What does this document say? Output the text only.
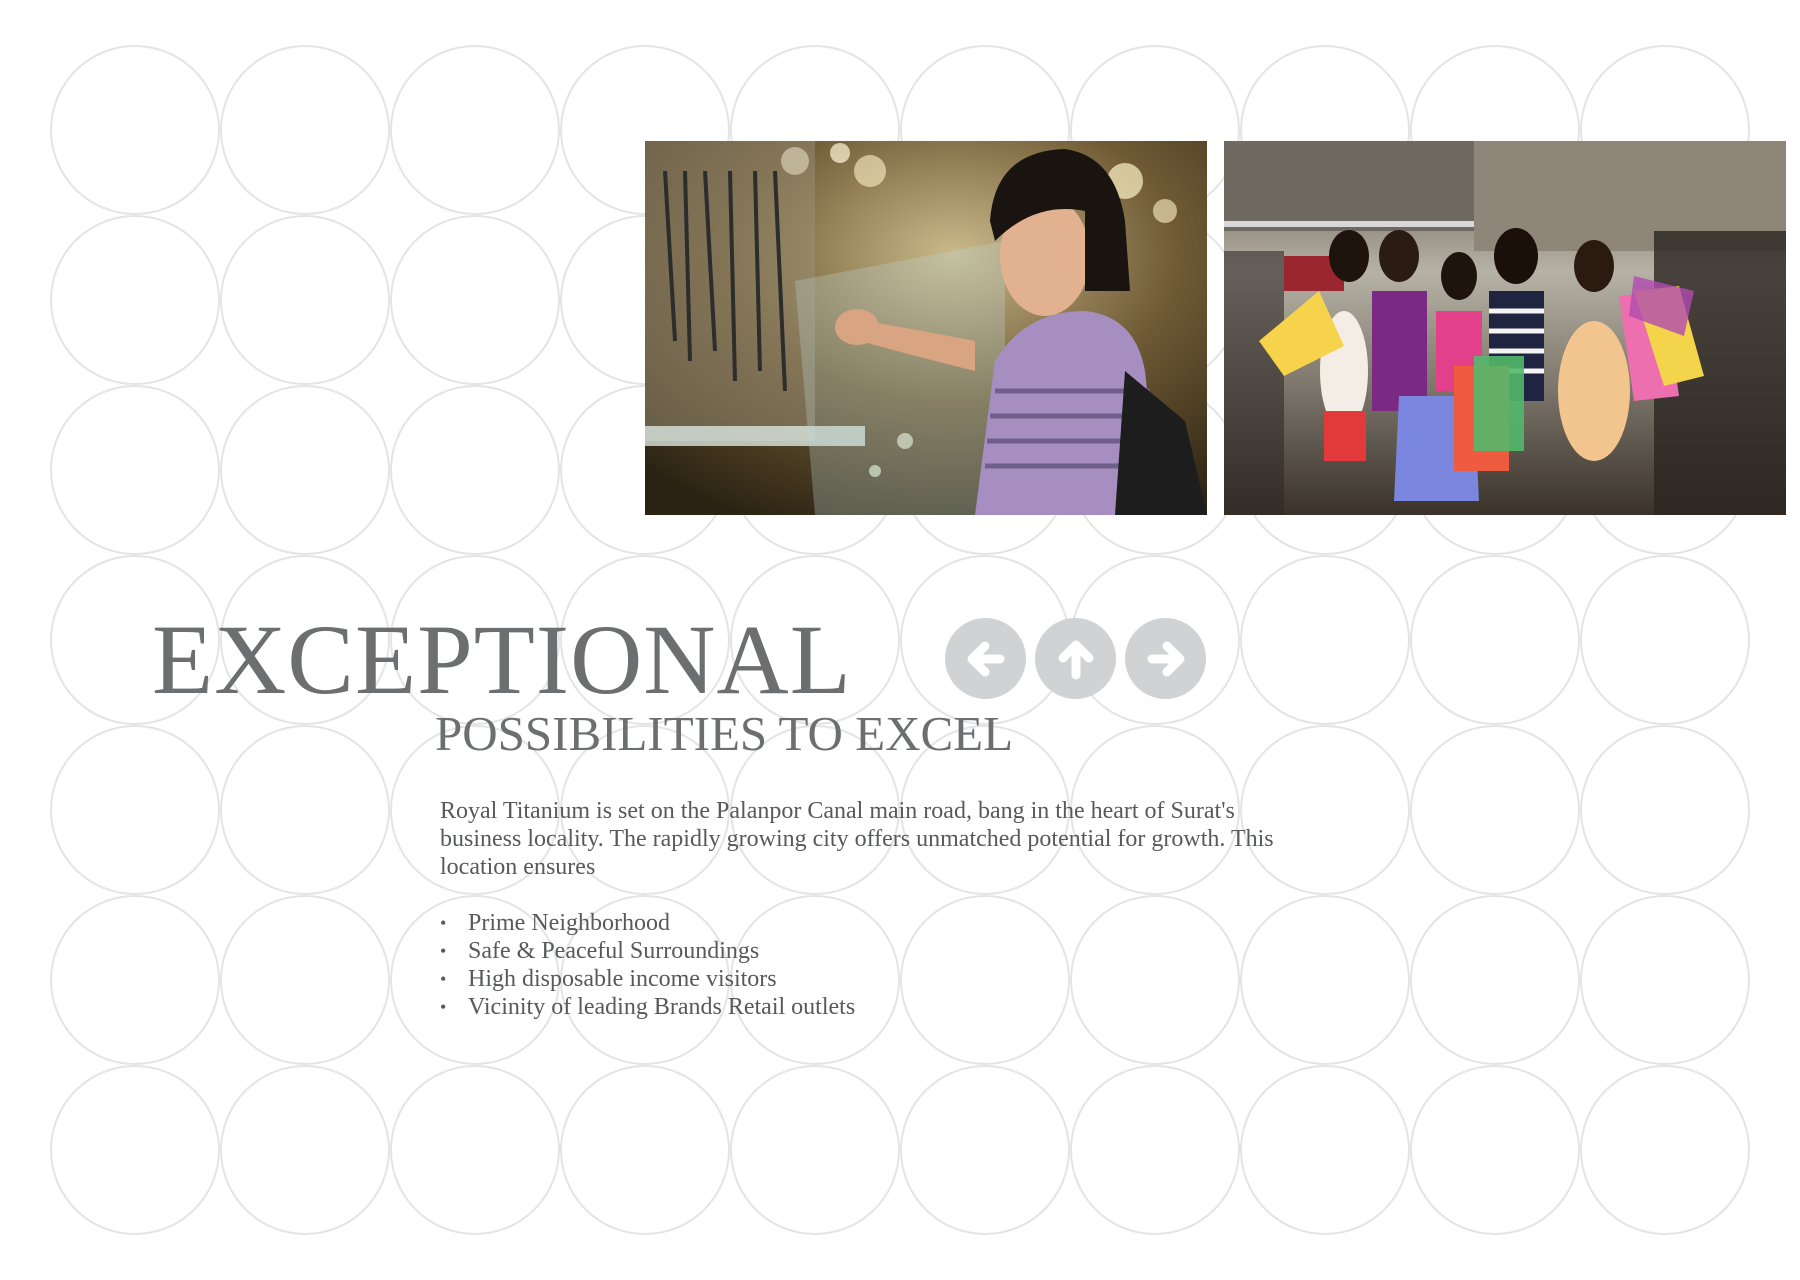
EXCEPTIONAL
POSSIBILITIES TO EXCEL

Royal Titanium is set on the Palanpor Canal main road, bang in the heart of Surat's business locality. The rapidly growing city offers unmatched potential for growth. This location ensures

• Prime Neighborhood
• Safe & Peaceful Surroundings
• High disposable income visitors
• Vicinity of leading Brands Retail outlets
